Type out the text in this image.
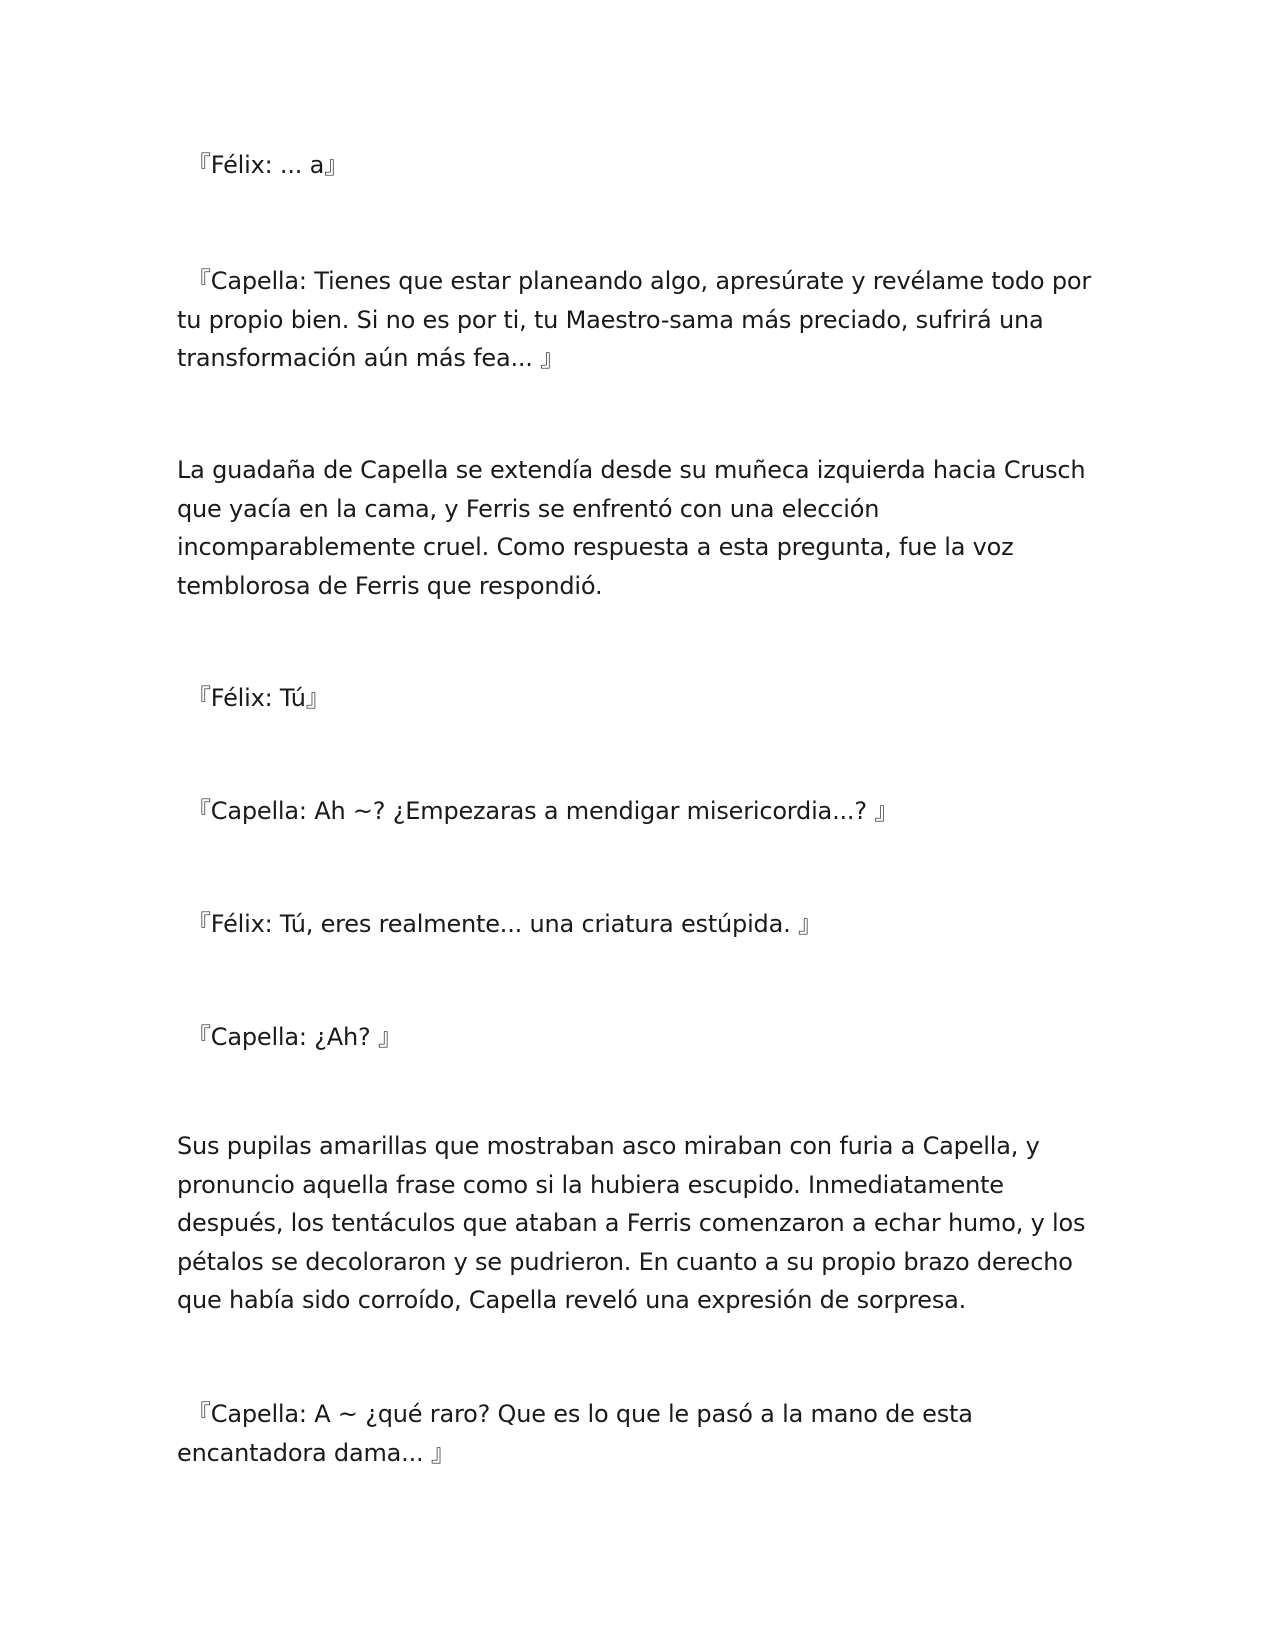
『Félix: ... a』

『Capella: Tienes que estar planeando algo, apresúrate y revélame todo por tu propio bien. Si no es por ti, tu Maestro-sama más preciado, sufrirá una transformación aún más fea... 』

La guadaña de Capella se extendía desde su muñeca izquierda hacia Crusch que yacía en la cama, y Ferris se enfrentó con una elección incomparablemente cruel. Como respuesta a esta pregunta, fue la voz temblorosa de Ferris que respondió.

『Félix: Tú』

『Capella: Ah ~? ¿Empezaras a mendigar misericordia...? 』

『Félix: Tú, eres realmente... una criatura estúpida. 』

『Capella: ¿Ah? 』

Sus pupilas amarillas que mostraban asco miraban con furia a Capella, y pronuncio aquella frase como si la hubiera escupido. Inmediatamente después, los tentáculos que ataban a Ferris comenzaron a echar humo, y los pétalos se decoloraron y se pudrieron. En cuanto a su propio brazo derecho que había sido corroído, Capella reveló una expresión de sorpresa.

『Capella: A ~ ¿qué raro? Que es lo que le pasó a la mano de esta encantadora dama... 』
